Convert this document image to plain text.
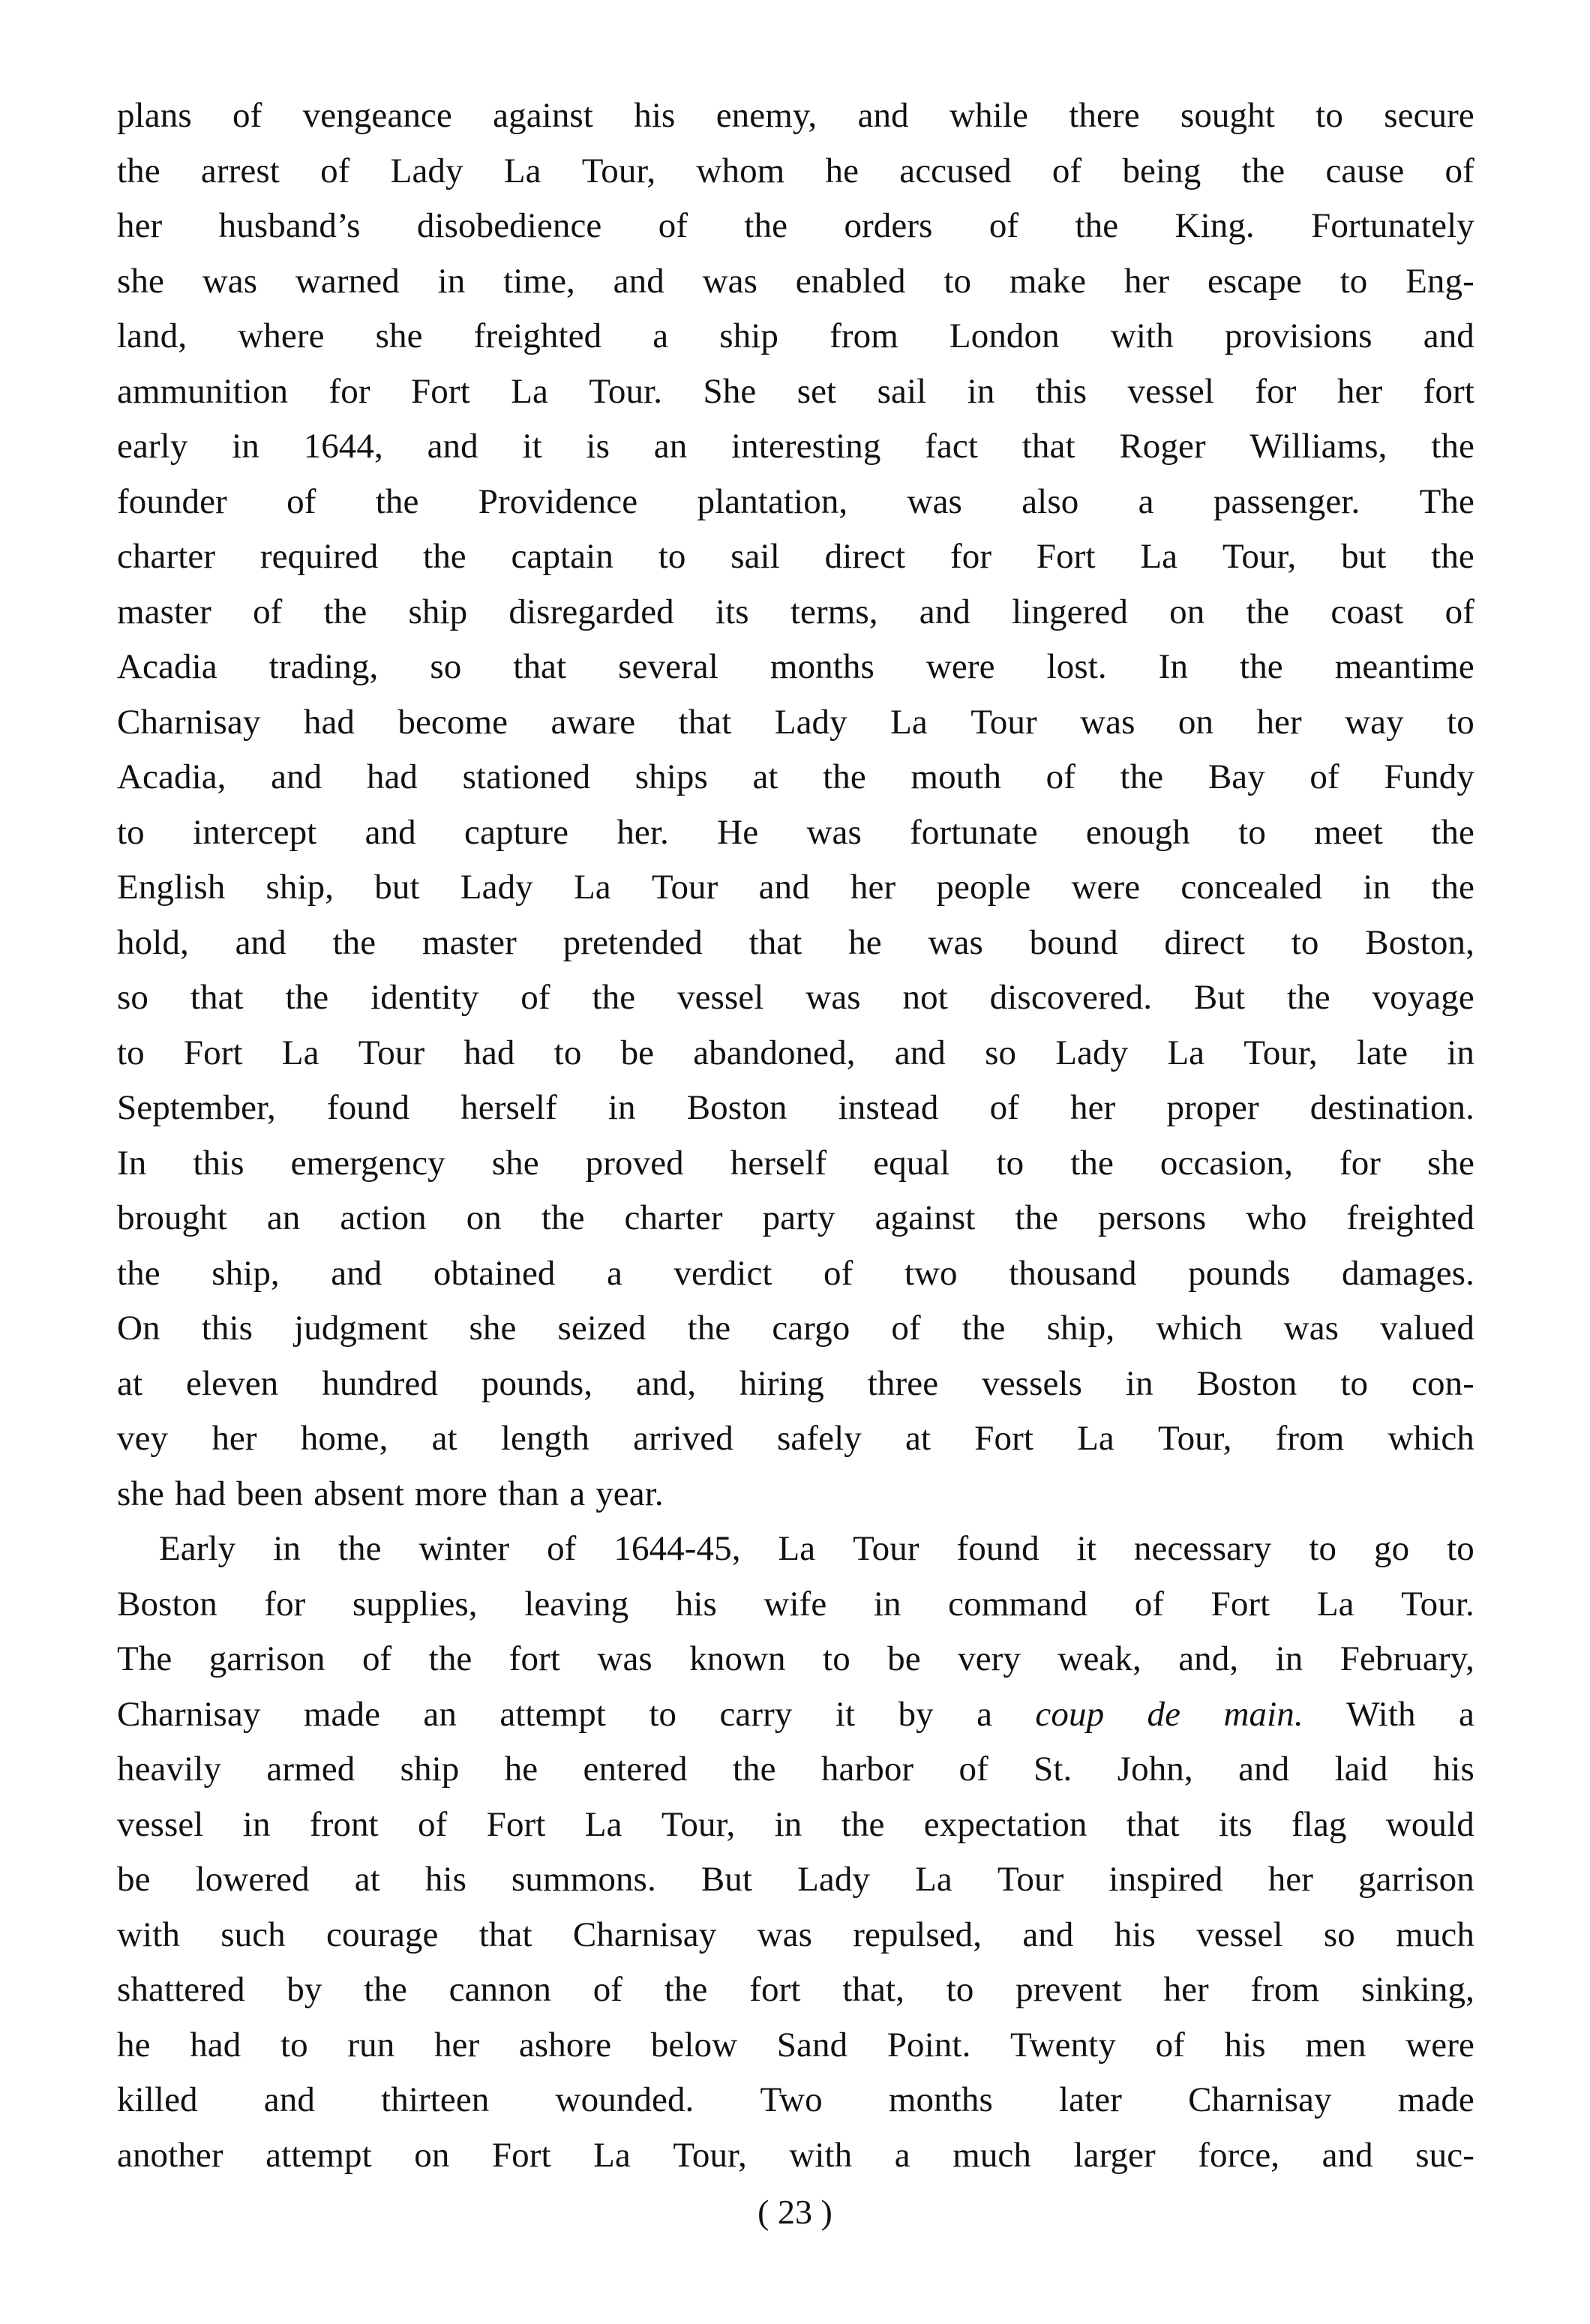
plans of vengeance against his enemy, and while there sought to secure
the arrest of Lady La Tour, whom he accused of being the cause of
her husband’s disobedience of the orders of the King. Fortunately
she was warned in time, and was enabled to make her escape to Eng-
land, where she freighted a ship from London with provisions and
ammunition for Fort La Tour. She set sail in this vessel for her fort
early in 1644, and it is an interesting fact that Roger Williams, the
founder of the Providence plantation, was also a passenger. The
charter required the captain to sail direct for Fort La Tour, but the
master of the ship disregarded its terms, and lingered on the coast of
Acadia trading, so that several months were lost. In the meantime
Charnisay had become aware that Lady La Tour was on her way to
Acadia, and had stationed ships at the mouth of the Bay of Fundy
to intercept and capture her. He was fortunate enough to meet the
English ship, but Lady La Tour and her people were concealed in the
hold, and the master pretended that he was bound direct to Boston,
so that the identity of the vessel was not discovered. But the voyage
to Fort La Tour had to be abandoned, and so Lady La Tour, late in
September, found herself in Boston instead of her proper destination.
In this emergency she proved herself equal to the occasion, for she
brought an action on the charter party against the persons who freighted
the ship, and obtained a verdict of two thousand pounds damages.
On this judgment she seized the cargo of the ship, which was valued
at eleven hundred pounds, and, hiring three vessels in Boston to con-
vey her home, at length arrived safely at Fort La Tour, from which
she had been absent more than a year.
Early in the winter of 1644-45, La Tour found it necessary to go to
Boston for supplies, leaving his wife in command of Fort La Tour.
The garrison of the fort was known to be very weak, and, in February,
Charnisay made an attempt to carry it by a coup de main. With a
heavily armed ship he entered the harbor of St. John, and laid his
vessel in front of Fort La Tour, in the expectation that its flag would
be lowered at his summons. But Lady La Tour inspired her garrison
with such courage that Charnisay was repulsed, and his vessel so much
shattered by the cannon of the fort that, to prevent her from sinking,
he had to run her ashore below Sand Point. Twenty of his men were
killed and thirteen wounded. Two months later Charnisay made
another attempt on Fort La Tour, with a much larger force, and suc-
( 23 )
